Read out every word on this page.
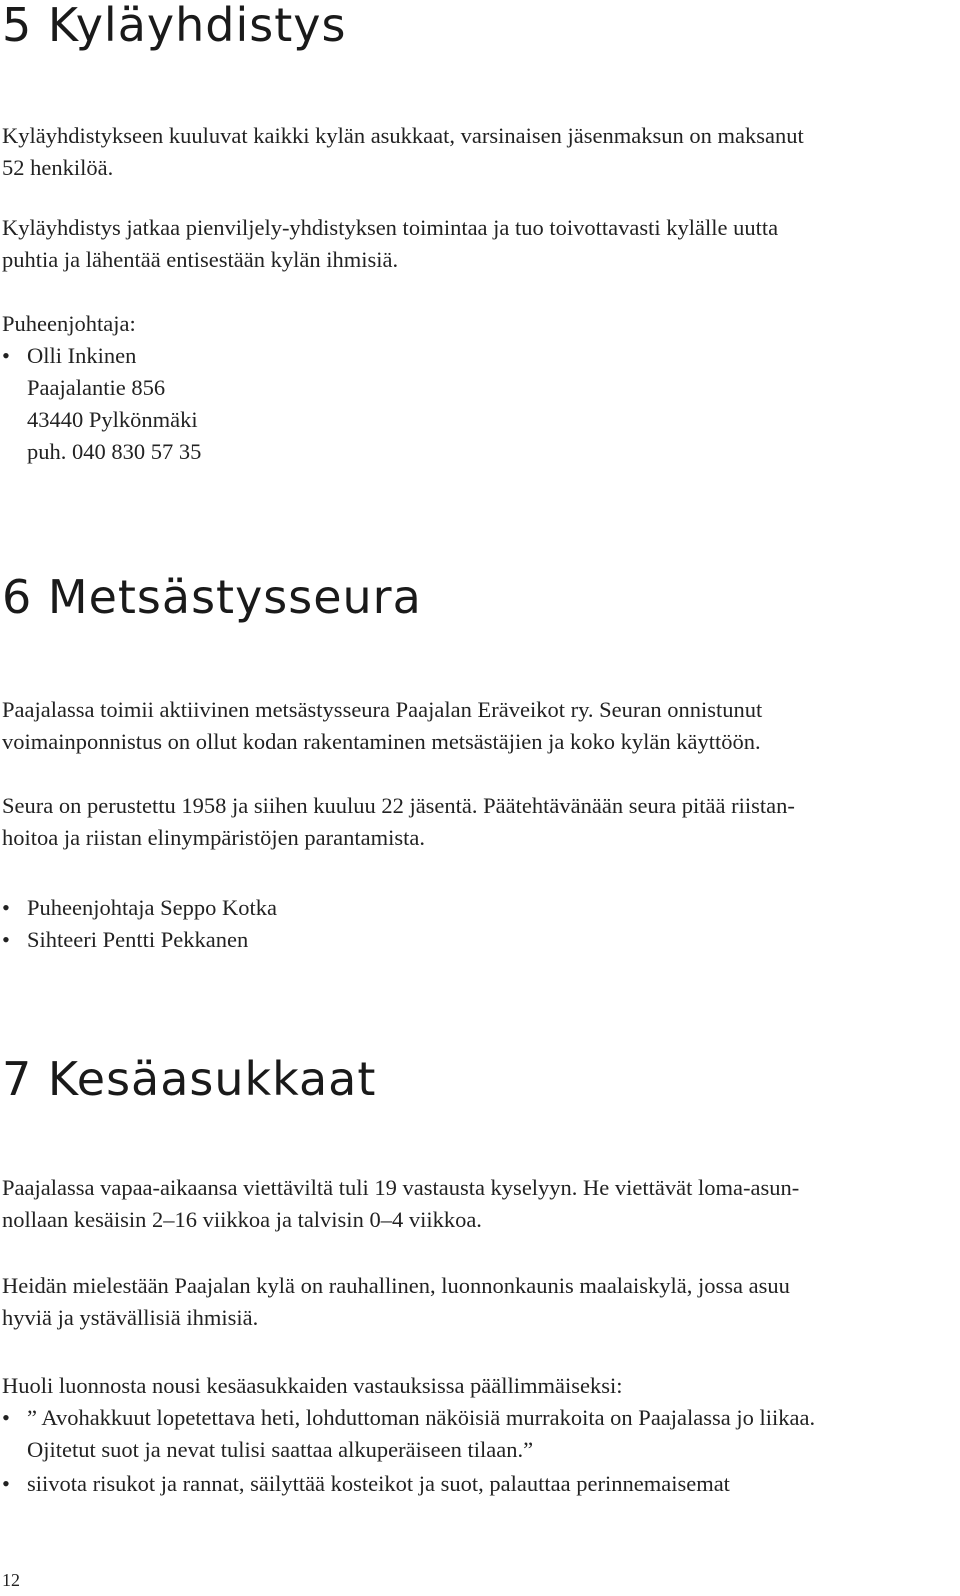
5 Kyläyhdistys

Kyläyhdistykseen kuuluvat kaikki kylän asukkaat, varsinaisen jäsenmaksun on maksanut

52 henkilöä.

Kyläyhdistys jatkaa pienviljely-yhdistyksen toimintaa ja tuo toivottavasti kylälle uutta

puhtia ja lähentää entisestään kylän ihmisiä.

Puheenjohtaja:

• Olli Inkinen

Paajalantie 856

43440 Pylkönmäki

puh. 040 830 57 35

6 Metsästysseura

Paajalassa toimii aktiivinen metsästysseura Paajalan Eräveikot ry. Seuran onnistunut

voimainponnistus on ollut kodan rakentaminen metsästäjien ja koko kylän käyttöön.

Seura on perustettu 1958 ja siihen kuuluu 22 jäsentä. Päätehtävänään seura pitää riistan-

hoitoa ja riistan elinympäristöjen parantamista.

• Puheenjohtaja Seppo Kotka

• Sihteeri Pentti Pekkanen

7 Kesäasukkaat

Paajalassa vapaa-aikaansa viettäviltä tuli 19 vastausta kyselyyn. He viettävät loma-asun-

nollaan kesäisin 2–16 viikkoa ja talvisin 0–4 viikkoa.

Heidän mielestään Paajalan kylä on rauhallinen, luonnonkaunis maalaiskylä, jossa asuu

hyviä ja ystävällisiä ihmisiä.

Huoli luonnosta nousi kesäasukkaiden vastauksissa päällimmäiseksi:

• ” Avohakkuut lopetettava heti, lohduttoman näköisiä murrakoita on Paajalassa jo liikaa.

Ojitetut suot ja nevat tulisi saattaa alkuperäiseen tilaan.”

• siivota risukot ja rannat, säilyttää kosteikot ja suot, palauttaa perinnemaisemat

12
